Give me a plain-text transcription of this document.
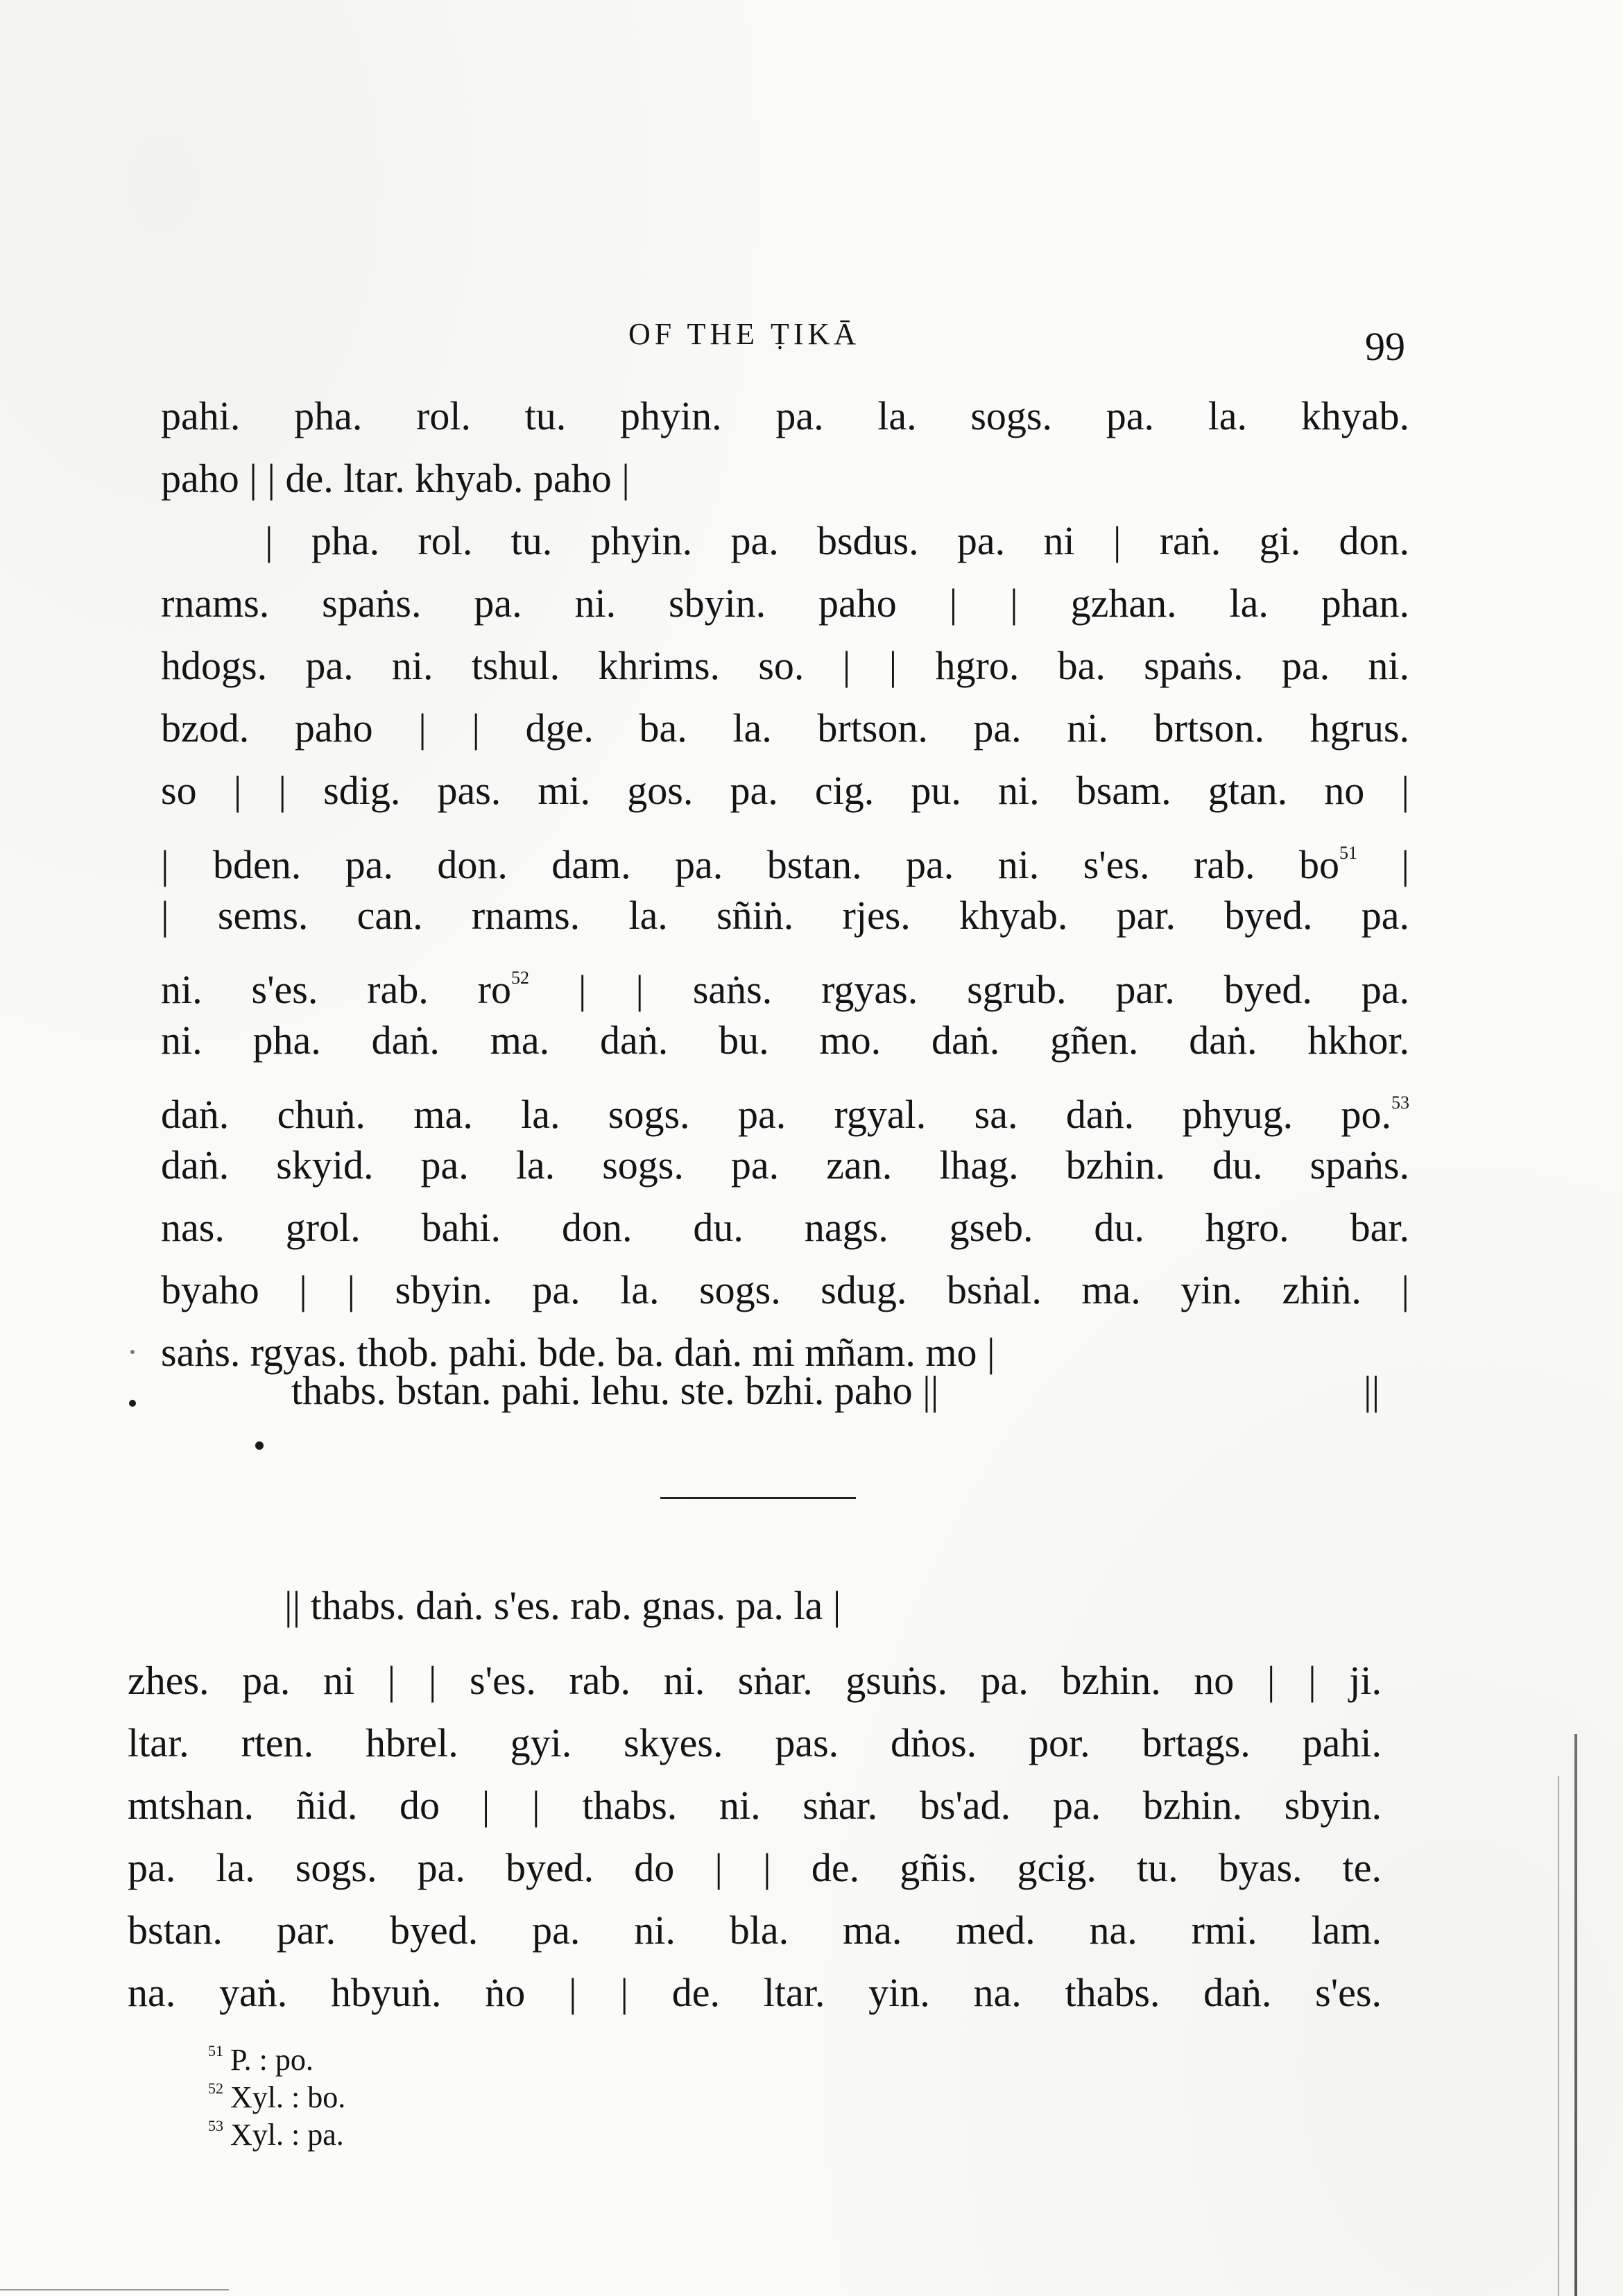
OF THE ṬIKĀ	99
pahi. pha. rol. tu. phyin. pa. la. sogs. pa. la. khyab.
paho | | de. ltar. khyab. paho |
| pha. rol. tu. phyin. pa. bsdus. pa. ni | raṅ. gi. don.
rnams. spaṅs. pa. ni. sbyin. paho | | gzhan. la. phan.
hdogs. pa. ni. tshul. khrims. so. | | hgro. ba. spaṅs. pa. ni.
bzod. paho | | dge. ba. la. brtson. pa. ni. brtson. hgrus.
so | | sdig. pas. mi. gos. pa. cig. pu. ni. bsam. gtan. no |
| bden. pa. don. dam. pa. bstan. pa. ni. s'es. rab. bo$^{51}$ |
| sems. can. rnams. la. sñiṅ. rjes. khyab. par. byed. pa.
ni. s'es. rab. ro$^{52}$ | | saṅs. rgyas. sgrub. par. byed. pa.
ni. pha. daṅ. ma. daṅ. bu. mo. daṅ. gñen. daṅ. hkhor.
daṅ. chuṅ. ma. la. sogs. pa. rgyal. sa. daṅ. phyug. po.$^{53}$
daṅ. skyid. pa. la. sogs. pa. zan. lhag. bzhin. du. spaṅs.
nas. grol. bahi. don. du. nags. gseb. du. hgro. bar.
byaho | | sbyin. pa. la. sogs. sdug. bsṅal. ma. yin. zhiṅ. |
saṅs. rgyas. thob. pahi. bde. ba. daṅ. mi mñam. mo |
thabs. bstan. pahi. lehu. ste. bzhi. paho ||	||
|| thabs. daṅ. s'es. rab. gnas. pa. la |
zhes. pa. ni | | s'es. rab. ni. sṅar. gsuṅs. pa. bzhin. no | | ji.
ltar. rten. hbrel. gyi. skyes. pas. dṅos. por. brtags. pahi.
mtshan. ñid. do | | thabs. ni. sṅar. bs'ad. pa. bzhin. sbyin.
pa. la. sogs. pa. byed. do | | de. gñis. gcig. tu. byas. te.
bstan. par. byed. pa. ni. bla. ma. med. na. rmi. lam.
na. yaṅ. hbyuṅ. ṅo | | de. ltar. yin. na. thabs. daṅ. s'es.
$^{51}$ P. : po.
$^{52}$ Xyl. : bo.
$^{53}$ Xyl. : pa.
